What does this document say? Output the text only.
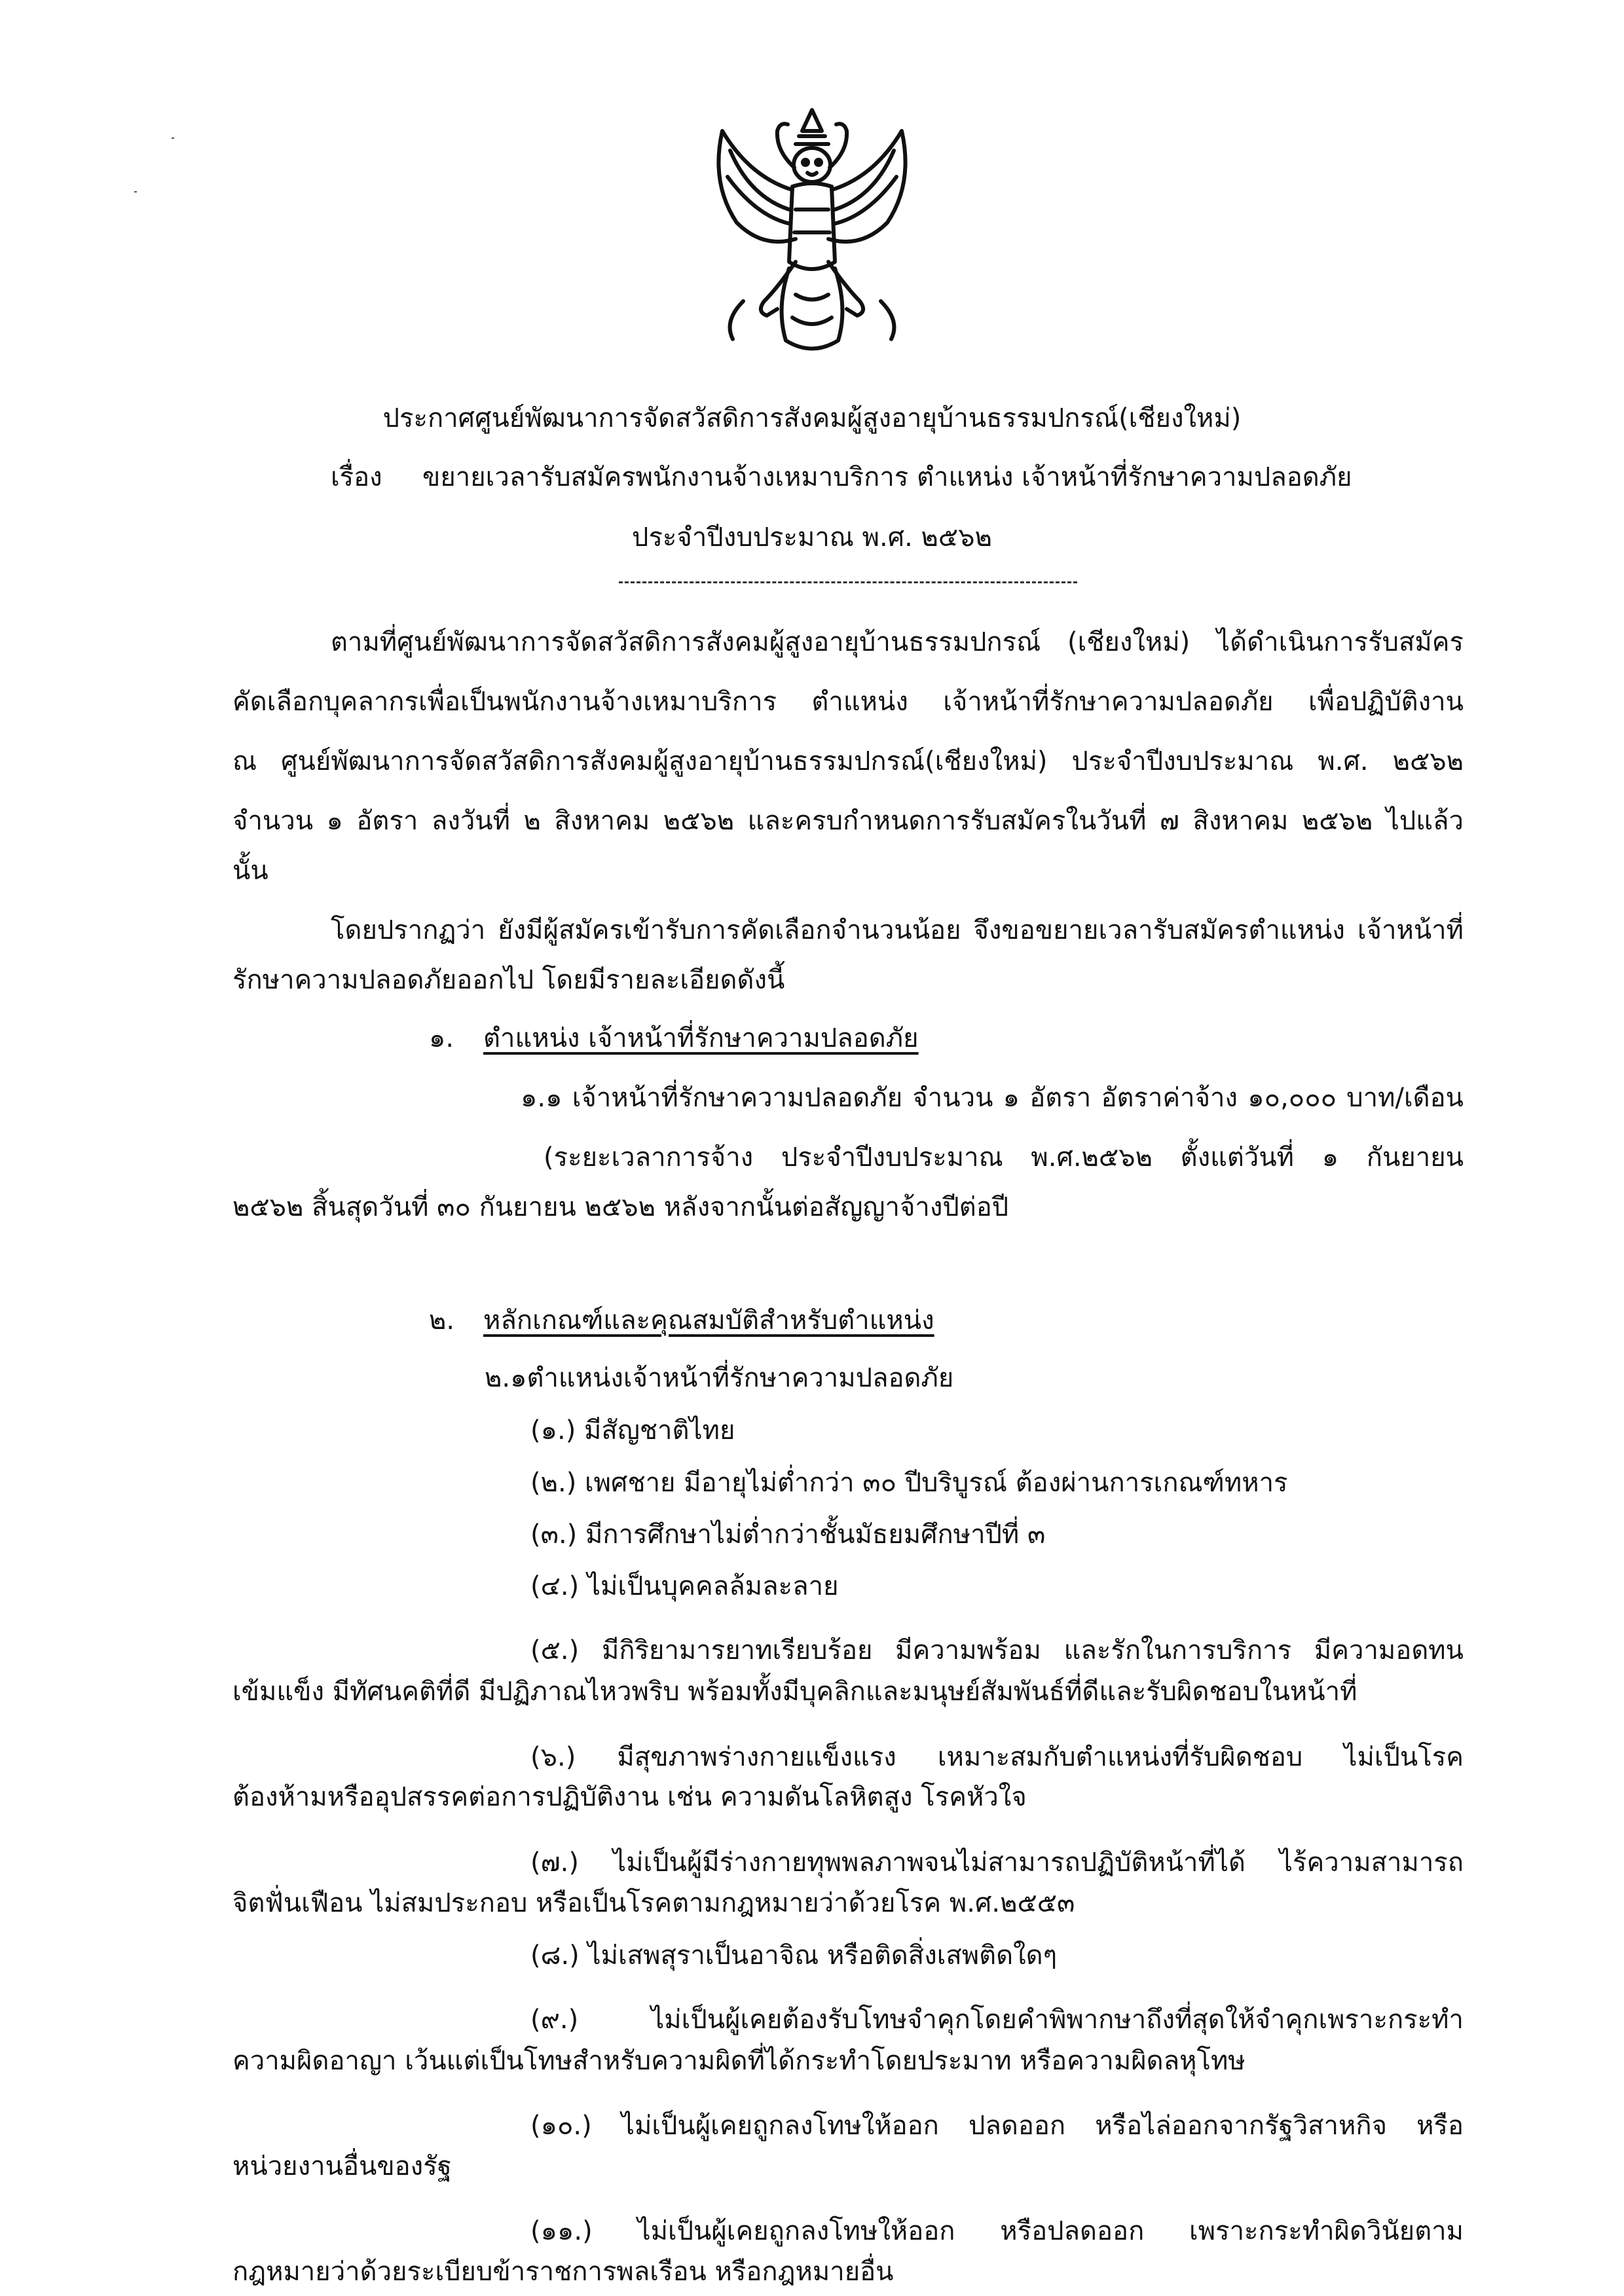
ประกาศศูนย์พัฒนาการจัดสวัสดิการสังคมผู้สูงอายุบ้านธรรมปกรณ์(เชียงใหม่)
เรื่อง ขยายเวลารับสมัครพนักงานจ้างเหมาบริการ ตำแหน่ง เจ้าหน้าที่รักษาความปลอดภัย
ประจำปีงบประมาณ พ.ศ. ๒๕๖๒
ตามที่ศูนย์พัฒนาการจัดสวัสดิการสังคมผู้สูงอายุบ้านธรรมปกรณ์ (เชียงใหม่) ได้ดำเนินการรับสมัคร
คัดเลือกบุคลากรเพื่อเป็นพนักงานจ้างเหมาบริการ ตำแหน่ง เจ้าหน้าที่รักษาความปลอดภัย เพื่อปฏิบัติงาน
ณ ศูนย์พัฒนาการจัดสวัสดิการสังคมผู้สูงอายุบ้านธรรมปกรณ์(เชียงใหม่) ประจำปีงบประมาณ พ.ศ. ๒๕๖๒
จำนวน ๑ อัตรา ลงวันที่ ๒ สิงหาคม ๒๕๖๒ และครบกำหนดการรับสมัครในวันที่ ๗ สิงหาคม ๒๕๖๒ ไปแล้ว
นั้น
โดยปรากฏว่า ยังมีผู้สมัครเข้ารับการคัดเลือกจำนวนน้อย จึงขอขยายเวลารับสมัครตำแหน่ง เจ้าหน้าที่
รักษาความปลอดภัยออกไป โดยมีรายละเอียดดังนี้
๑. ตำแหน่ง เจ้าหน้าที่รักษาความปลอดภัย
๑.๑ เจ้าหน้าที่รักษาความปลอดภัย จำนวน ๑ อัตรา อัตราค่าจ้าง ๑๐,๐๐๐ บาท/เดือน
(ระยะเวลาการจ้าง ประจำปีงบประมาณ พ.ศ.๒๕๖๒ ตั้งแต่วันที่ ๑ กันยายน
๒๕๖๒ สิ้นสุดวันที่ ๓๐ กันยายน ๒๕๖๒ หลังจากนั้นต่อสัญญาจ้างปีต่อปี
๒. หลักเกณฑ์และคุณสมบัติสำหรับตำแหน่ง
๒.๑ตำแหน่งเจ้าหน้าที่รักษาความปลอดภัย
(๑.) มีสัญชาติไทย
(๒.) เพศชาย มีอายุไม่ต่ำกว่า ๓๐ ปีบริบูรณ์ ต้องผ่านการเกณฑ์ทหาร
(๓.) มีการศึกษาไม่ต่ำกว่าชั้นมัธยมศึกษาปีที่ ๓
(๔.) ไม่เป็นบุคคลล้มละลาย
(๕.) มีกิริยามารยาทเรียบร้อย มีความพร้อม และรักในการบริการ มีความอดทน
เข้มแข็ง มีทัศนคติที่ดี มีปฏิภาณไหวพริบ พร้อมทั้งมีบุคลิกและมนุษย์สัมพันธ์ที่ดีและรับผิดชอบในหน้าที่
(๖.) มีสุขภาพร่างกายแข็งแรง เหมาะสมกับตำแหน่งที่รับผิดชอบ ไม่เป็นโรค
ต้องห้ามหรืออุปสรรคต่อการปฏิบัติงาน เช่น ความดันโลหิตสูง โรคหัวใจ
(๗.) ไม่เป็นผู้มีร่างกายทุพพลภาพจนไม่สามารถปฏิบัติหน้าที่ได้ ไร้ความสามารถ
จิตฟั่นเฟือน ไม่สมประกอบ หรือเป็นโรคตามกฎหมายว่าด้วยโรค พ.ศ.๒๕๕๓
(๘.) ไม่เสพสุราเป็นอาจิณ หรือติดสิ่งเสพติดใดๆ
(๙.) ไม่เป็นผู้เคยต้องรับโทษจำคุกโดยคำพิพากษาถึงที่สุดให้จำคุกเพราะกระทำ
ความผิดอาญา เว้นแต่เป็นโทษสำหรับความผิดที่ได้กระทำโดยประมาท หรือความผิดลหุโทษ
(๑๐.) ไม่เป็นผู้เคยถูกลงโทษให้ออก ปลดออก หรือไล่ออกจากรัฐวิสาหกิจ หรือ
หน่วยงานอื่นของรัฐ
(๑๑.) ไม่เป็นผู้เคยถูกลงโทษให้ออก หรือปลดออก เพราะกระทำผิดวินัยตาม
กฎหมายว่าด้วยระเบียบข้าราชการพลเรือน หรือกฎหมายอื่น
